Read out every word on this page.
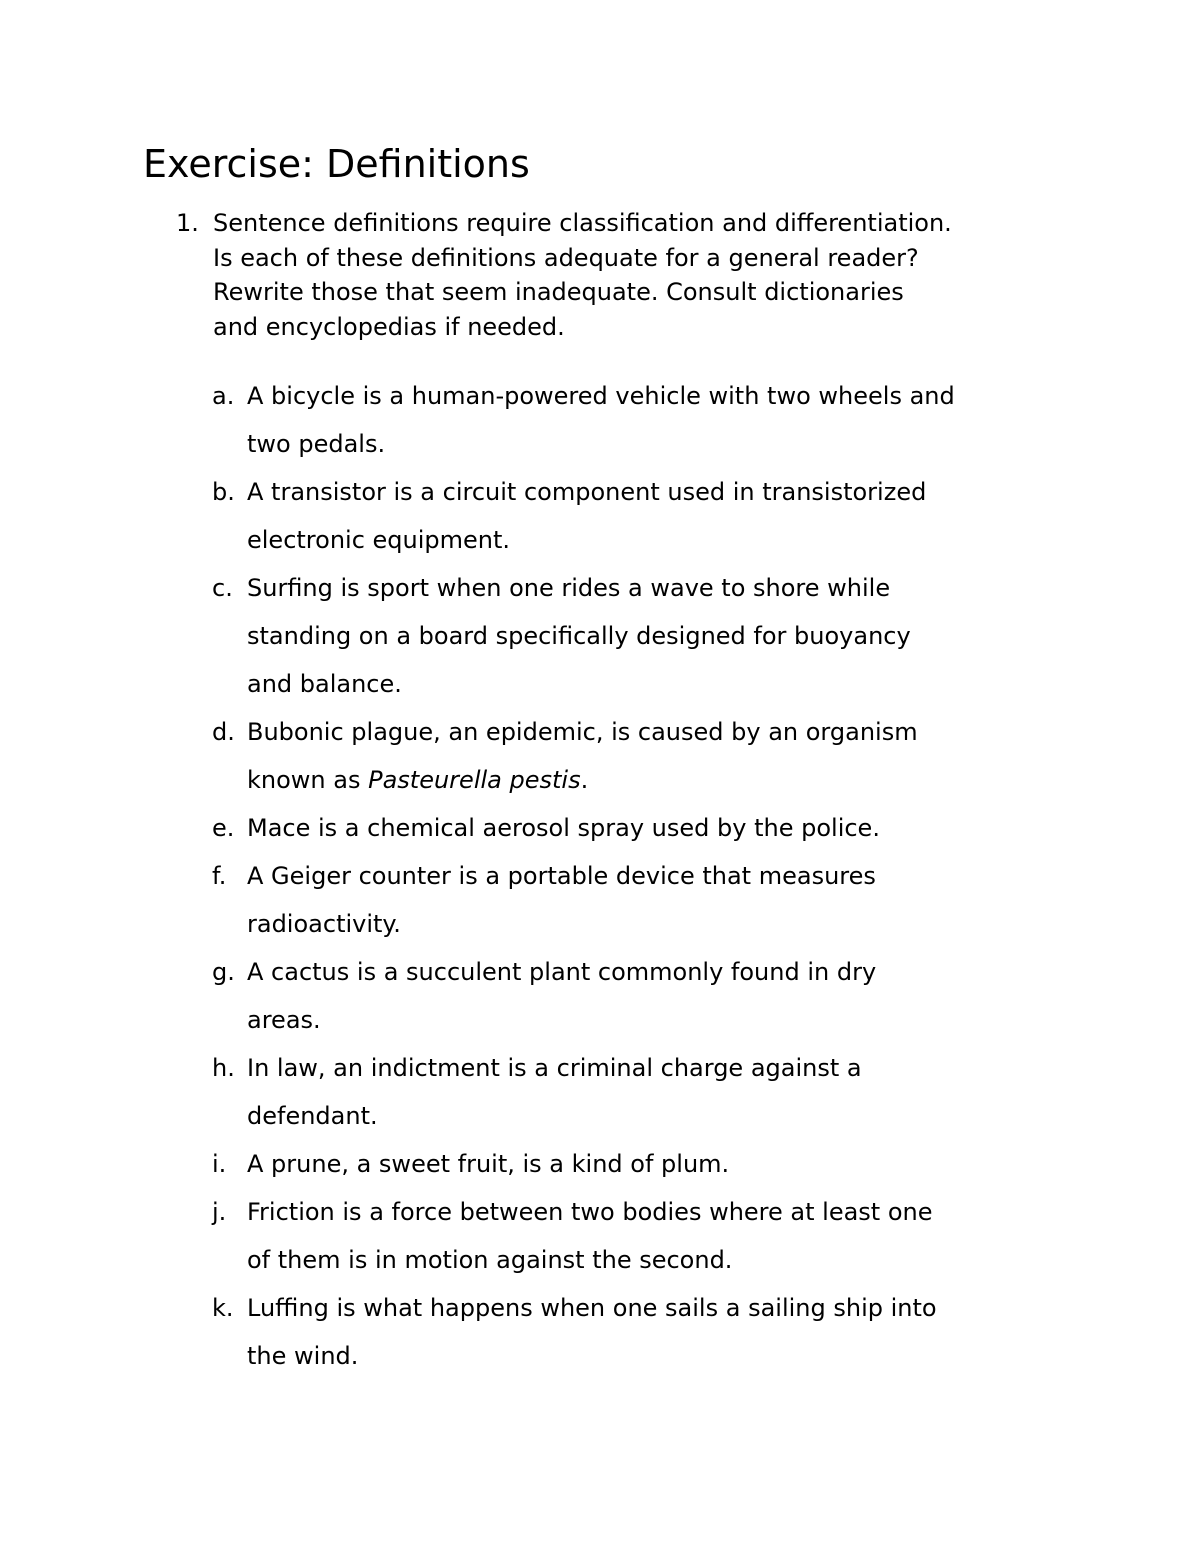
Exercise: Definitions
1. Sentence definitions require classification and differentiation.
Is each of these definitions adequate for a general reader?
Rewrite those that seem inadequate. Consult dictionaries
and encyclopedias if needed.
a. A bicycle is a human-powered vehicle with two wheels and
two pedals.
b. A transistor is a circuit component used in transistorized
electronic equipment.
c. Surfing is sport when one rides a wave to shore while
standing on a board specifically designed for buoyancy
and balance.
d. Bubonic plague, an epidemic, is caused by an organism
known as Pasteurella pestis.
e. Mace is a chemical aerosol spray used by the police.
f. A Geiger counter is a portable device that measures
radioactivity.
g. A cactus is a succulent plant commonly found in dry
areas.
h. In law, an indictment is a criminal charge against a
defendant.
i. A prune, a sweet fruit, is a kind of plum.
j. Friction is a force between two bodies where at least one
of them is in motion against the second.
k. Luffing is what happens when one sails a sailing ship into
the wind.
